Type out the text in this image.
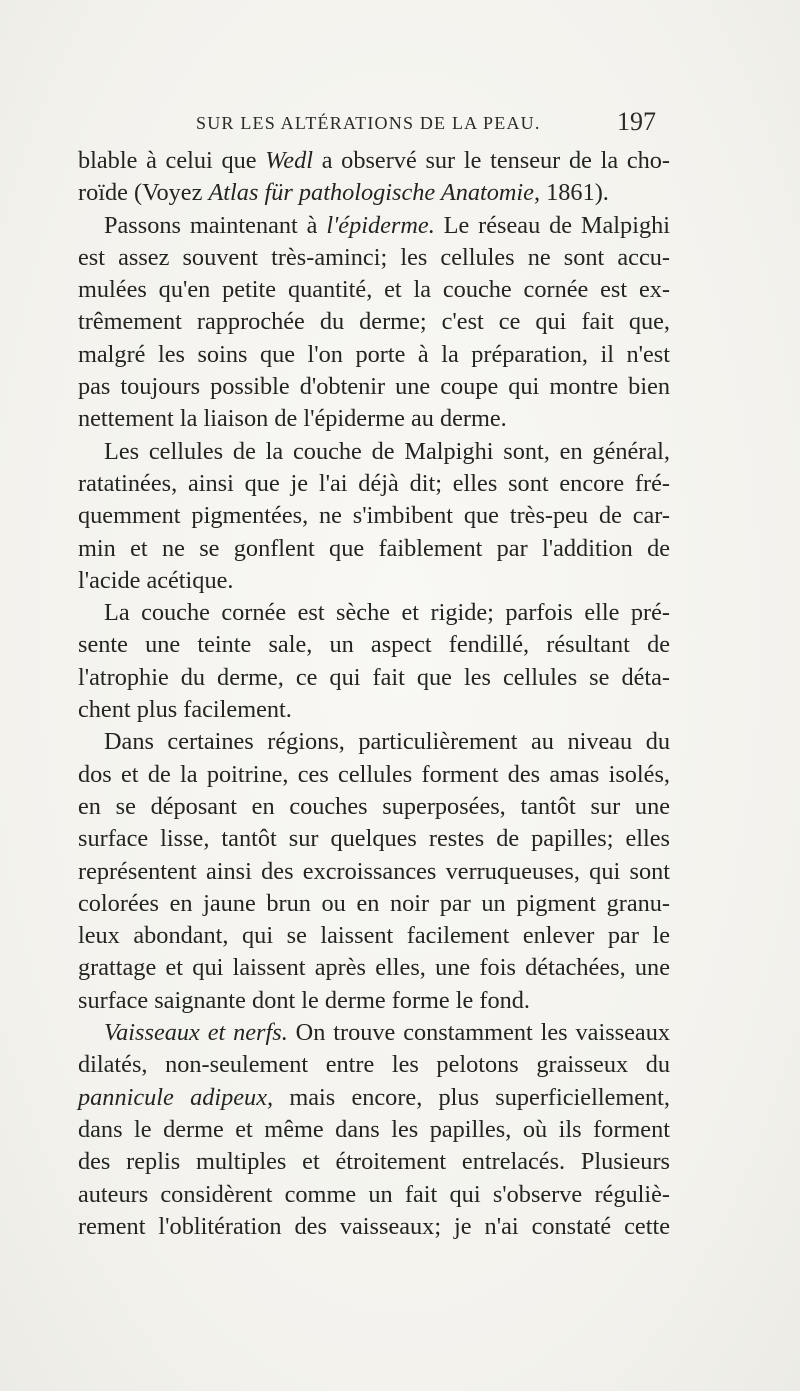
SUR LES ALTÉRATIONS DE LA PEAU.	197
blable à celui que Wedl a observé sur le tenseur de la cho-
roïde (Voyez Atlas für pathologische Anatomie, 1861).
Passons maintenant à l'épiderme. Le réseau de Malpighi
est assez souvent très-aminci; les cellules ne sont accu-
mulées qu'en petite quantité, et la couche cornée est ex-
trêmement rapprochée du derme; c'est ce qui fait que,
malgré les soins que l'on porte à la préparation, il n'est
pas toujours possible d'obtenir une coupe qui montre bien
nettement la liaison de l'épiderme au derme.
Les cellules de la couche de Malpighi sont, en général,
ratatinées, ainsi que je l'ai déjà dit; elles sont encore fré-
quemment pigmentées, ne s'imbibent que très-peu de car-
min et ne se gonflent que faiblement par l'addition de
l'acide acétique.
La couche cornée est sèche et rigide; parfois elle pré-
sente une teinte sale, un aspect fendillé, résultant de
l'atrophie du derme, ce qui fait que les cellules se déta-
chent plus facilement.
Dans certaines régions, particulièrement au niveau du
dos et de la poitrine, ces cellules forment des amas isolés,
en se déposant en couches superposées, tantôt sur une
surface lisse, tantôt sur quelques restes de papilles; elles
représentent ainsi des excroissances verruqueuses, qui sont
colorées en jaune brun ou en noir par un pigment granu-
leux abondant, qui se laissent facilement enlever par le
grattage et qui laissent après elles, une fois détachées, une
surface saignante dont le derme forme le fond.
Vaisseaux et nerfs. On trouve constamment les vaisseaux
dilatés, non-seulement entre les pelotons graisseux du
pannicule adipeux, mais encore, plus superficiellement,
dans le derme et même dans les papilles, où ils forment
des replis multiples et étroitement entrelacés. Plusieurs
auteurs considèrent comme un fait qui s'observe réguliè-
rement l'oblitération des vaisseaux; je n'ai constaté cette
